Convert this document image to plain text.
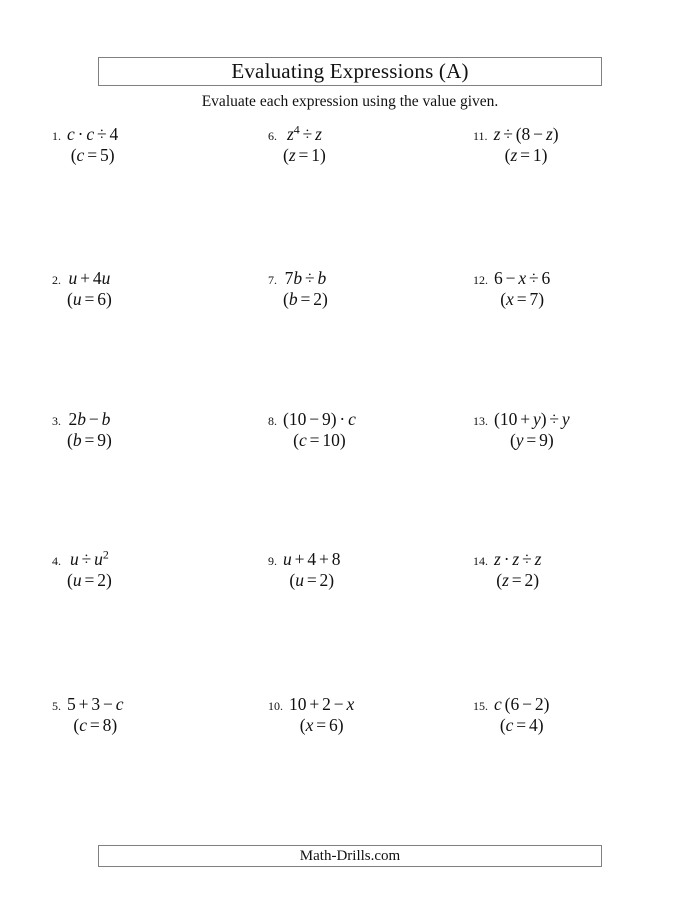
Evaluating Expressions (A)
Evaluate each expression using the value given.
1. c · c ÷ 4
(c = 5)
2. u + 4u
(u = 6)
3. 2b − b
(b = 9)
4. $u \div u^2$
(u = 2)
5. 5 + 3 − c
(c = 8)
6. $z^4 \div z$
(z = 1)
7. 7b ÷ b
(b = 2)
8. (10 − 9) · c
(c = 10)
9. u + 4 + 8
(u = 2)
10. 10 + 2 − x
(x = 6)
11. z ÷ (8 − z)
(z = 1)
12. 6 − x ÷ 6
(x = 7)
13. (10 + y) ÷ y
(y = 9)
14. z · z ÷ z
(z = 2)
15. c (6 − 2)
(c = 4)
Math-Drills.com
